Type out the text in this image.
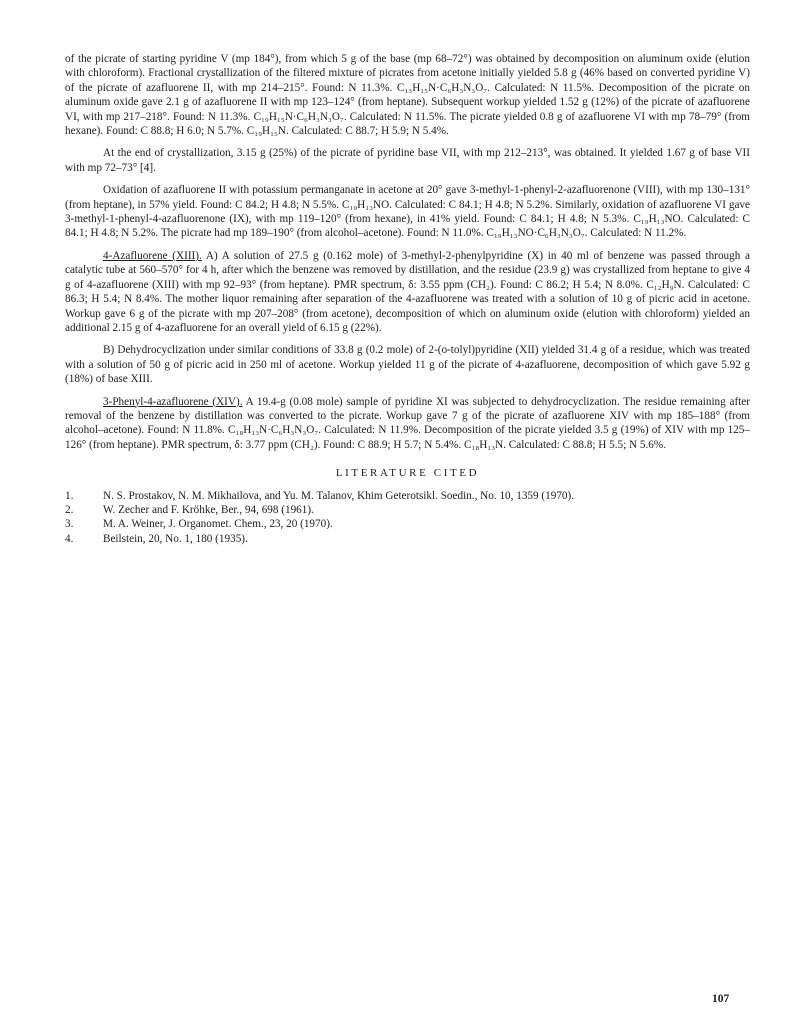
of the picrate of starting pyridine V (mp 184°), from which 5 g of the base (mp 68–72°) was obtained by decomposition on aluminum oxide (elution with chloroform). Fractional crystallization of the filtered mixture of picrates from acetone initially yielded 5.8 g (46% based on converted pyridine V) of the picrate of azafluorene II, with mp 214–215°. Found: N 11.3%. C₁₃H₁₅N·C₆H₃N₃O₇. Calculated: N 11.5%. Decomposition of the picrate on aluminum oxide gave 2.1 g of azafluorene II with mp 123–124° (from heptane). Subsequent workup yielded 1.52 g (12%) of the picrate of azafluorene VI, with mp 217–218°. Found: N 11.3%. C₁₉H₁₅N·C₆H₃N₃O₇. Calculated: N 11.5%. The picrate yielded 0.8 g of azafluorene VI with mp 78–79° (from hexane). Found: C 88.8; H 6.0; N 5.7%. C₁₉H₁₅N. Calculated: C 88.7; H 5.9; N 5.4%.

At the end of crystallization, 3.15 g (25%) of the picrate of pyridine base VII, with mp 212–213°, was obtained. It yielded 1.67 g of base VII with mp 72–73° [4].

Oxidation of azafluorene II with potassium permanganate in acetone at 20° gave 3-methyl-1-phenyl-2-azafluorenone (VIII), with mp 130–131° (from heptane), in 57% yield. Found: C 84.2; H 4.8; N 5.5%. C₁₉H₁₃NO. Calculated: C 84.1; H 4.8; N 5.2%. Similarly, oxidation of azafluorene VI gave 3-methyl-1-phenyl-4-azafluorenone (IX), with mp 119–120° (from hexane), in 41% yield. Found: C 84.1; H 4.8; N 5.3%. C₁₉H₁₃NO. Calculated: C 84.1; H 4.8; N 5.2%. The picrate had mp 189–190° (from alcohol–acetone). Found: N 11.0%. C₁₉H₁₃NO·C₆H₃N₃O₇. Calculated: N 11.2%.

4-Azafluorene (XIII). A) A solution of 27.5 g (0.162 mole) of 3-methyl-2-phenylpyridine (X) in 40 ml of benzene was passed through a catalytic tube at 560–570° for 4 h, after which the benzene was removed by distillation, and the residue (23.9 g) was crystallized from heptane to give 4 g of 4-azafluorene (XIII) with mp 92–93° (from heptane). PMR spectrum, δ: 3.55 ppm (CH₂). Found: C 86.2; H 5.4; N 8.0%. C₁₂H₉N. Calculated: C 86.3; H 5.4; N 8.4%. The mother liquor remaining after separation of the 4-azafluorene was treated with a solution of 10 g of picric acid in acetone. Workup gave 6 g of the picrate with mp 207–208° (from acetone), decomposition of which on aluminum oxide (elution with chloroform) yielded an additional 2.15 g of 4-azafluorene for an overall yield of 6.15 g (22%).

B) Dehydrocyclization under similar conditions of 33.8 g (0.2 mole) of 2-(o-tolyl)pyridine (XII) yielded 31.4 g of a residue, which was treated with a solution of 50 g of picric acid in 250 ml of acetone. Workup yielded 11 g of the picrate of 4-azafluorene, decomposition of which gave 5.92 g (18%) of base XIII.

3-Phenyl-4-azafluorene (XIV). A 19.4-g (0.08 mole) sample of pyridine XI was subjected to dehydrocyclization. The residue remaining after removal of the benzene by distillation was converted to the picrate. Workup gave 7 g of the picrate of azafluorene XIV with mp 185–188° (from alcohol–acetone). Found: N 11.8%. C₁₈H₁₃N·C₆H₃N₃O₇. Calculated: N 11.9%. Decomposition of the picrate yielded 3.5 g (19%) of XIV with mp 125–126° (from heptane). PMR spectrum, δ: 3.77 ppm (CH₂). Found: C 88.9; H 5.7; N 5.4%. C₁₈H₁₃N. Calculated: C 88.8; H 5.5; N 5.6%.

LITERATURE CITED

1.	N. S. Prostakov, N. M. Mikhailova, and Yu. M. Talanov, Khim Geterotsikl. Soedin., No. 10, 1359 (1970).

2.	W. Zecher and F. Kröhke, Ber., 94, 698 (1961).

3.	M. A. Weiner, J. Organomet. Chem., 23, 20 (1970).

4.	Beilstein, 20, No. 1, 180 (1935).

107
